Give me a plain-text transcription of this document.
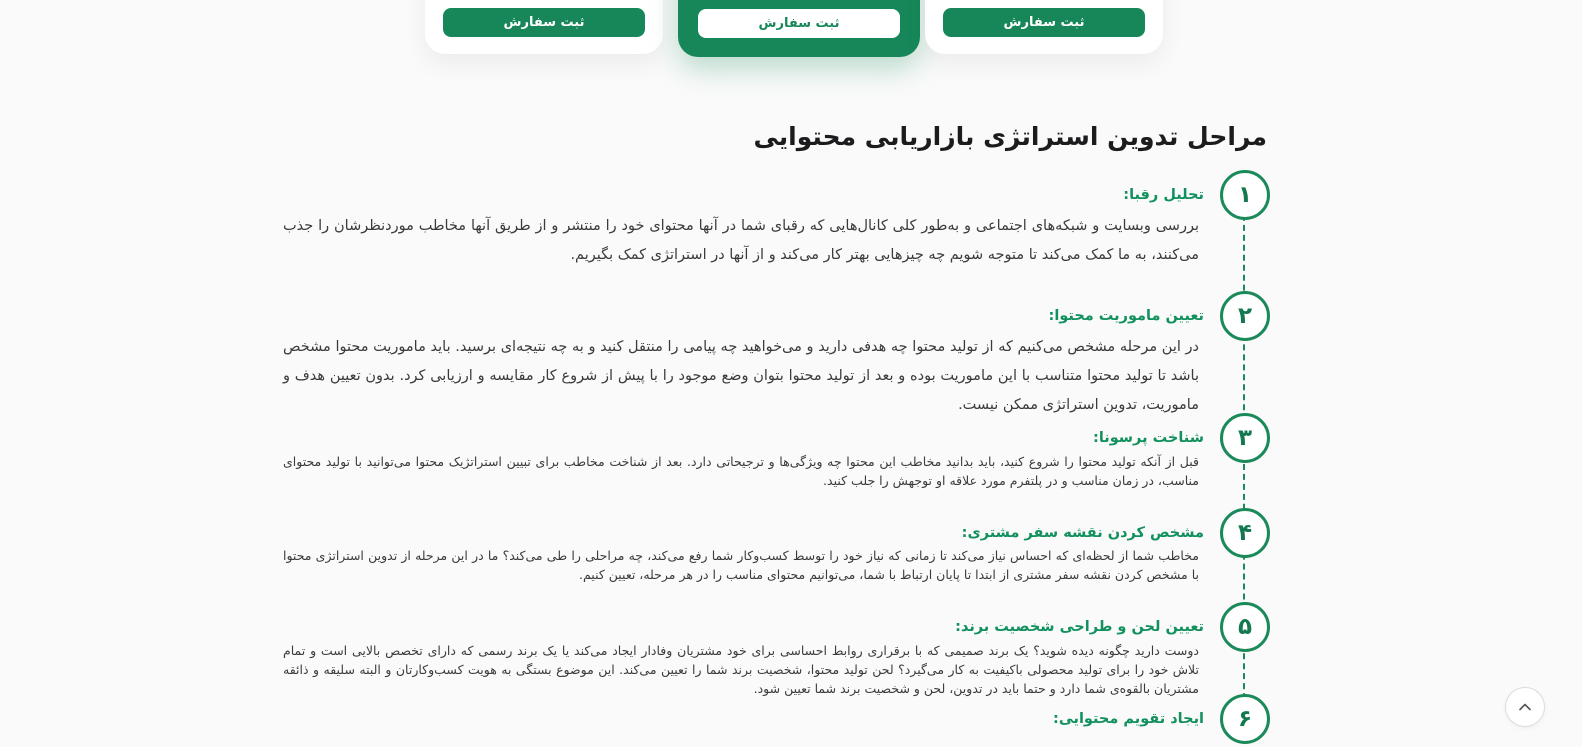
ثبت سفارش	ثبت سفارش	ثبت سفارش
مراحل تدوین استراتژی بازاریابی محتوایی
۱
تحلیل رقبا:
بررسی وبسایت و شبکه‌های اجتماعی و به‌طور کلی کانال‌هایی که رقبای شما در آنها محتوای خود را منتشر و از طریق آنها مخاطب موردنظرشان را جذب می‌کنند، به ما کمک می‌کند تا متوجه شویم چه چیزهایی بهتر کار می‌کند و از آنها در استراتژی کمک بگیریم.
۲
تعیین ماموریت محتوا:
در این مرحله مشخص می‌کنیم که از تولید محتوا چه هدفی دارید و می‌خواهید چه پیامی را منتقل کنید و به چه نتیجه‌ای برسید. باید ماموریت محتوا مشخص باشد تا تولید محتوا متناسب با این ماموریت بوده و بعد از تولید محتوا بتوان وضع موجود را با پیش از شروع کار مقایسه و ارزیابی کرد. بدون تعیین هدف و ماموریت، تدوین استراتژی ممکن نیست.
۳
شناخت پرسونا:
قبل از آنکه تولید محتوا را شروع کنید، باید بدانید مخاطب این محتوا چه ویژگی‌ها و ترجیحاتی دارد. بعد از شناخت مخاطب برای تبیین استراتژیک محتوا می‌توانید با تولید محتوای مناسب، در زمان مناسب و در پلتفرم مورد علاقه او توجهش را جلب کنید.
۴
مشخص کردن نقشه سفر مشتری:
مخاطب شما از لحظه‌ای که احساس نیاز می‌کند تا زمانی که نیاز خود را توسط کسب‌وکار شما رفع می‌کند، چه مراحلی را طی می‌کند؟ ما در این مرحله از تدوین استراتژی محتوا با مشخص کردن نقشه سفر مشتری از ابتدا تا پایان ارتباط با شما، می‌توانیم محتوای مناسب را در هر مرحله، تعیین کنیم.
۵
تعیین لحن و طراحی شخصیت برند:
دوست دارید چگونه دیده شوید؟ یک برند صمیمی که با برقراری روابط احساسی برای خود مشتریان وفادار ایجاد می‌کند یا یک برند رسمی که دارای تخصص بالایی است و تمام تلاش خود را برای تولید محصولی باکیفیت به کار می‌گیرد؟ لحن تولید محتوا، شخصیت برند شما را تعیین می‌کند. این موضوع بستگی به هویت کسب‌وکارتان و البته سلیقه و ذائقه مشتریان بالقوه‌ی شما دارد و حتما باید در تدوین، لحن و شخصیت برند شما تعیین شود.
۶
ایجاد تقویم محتوایی:
